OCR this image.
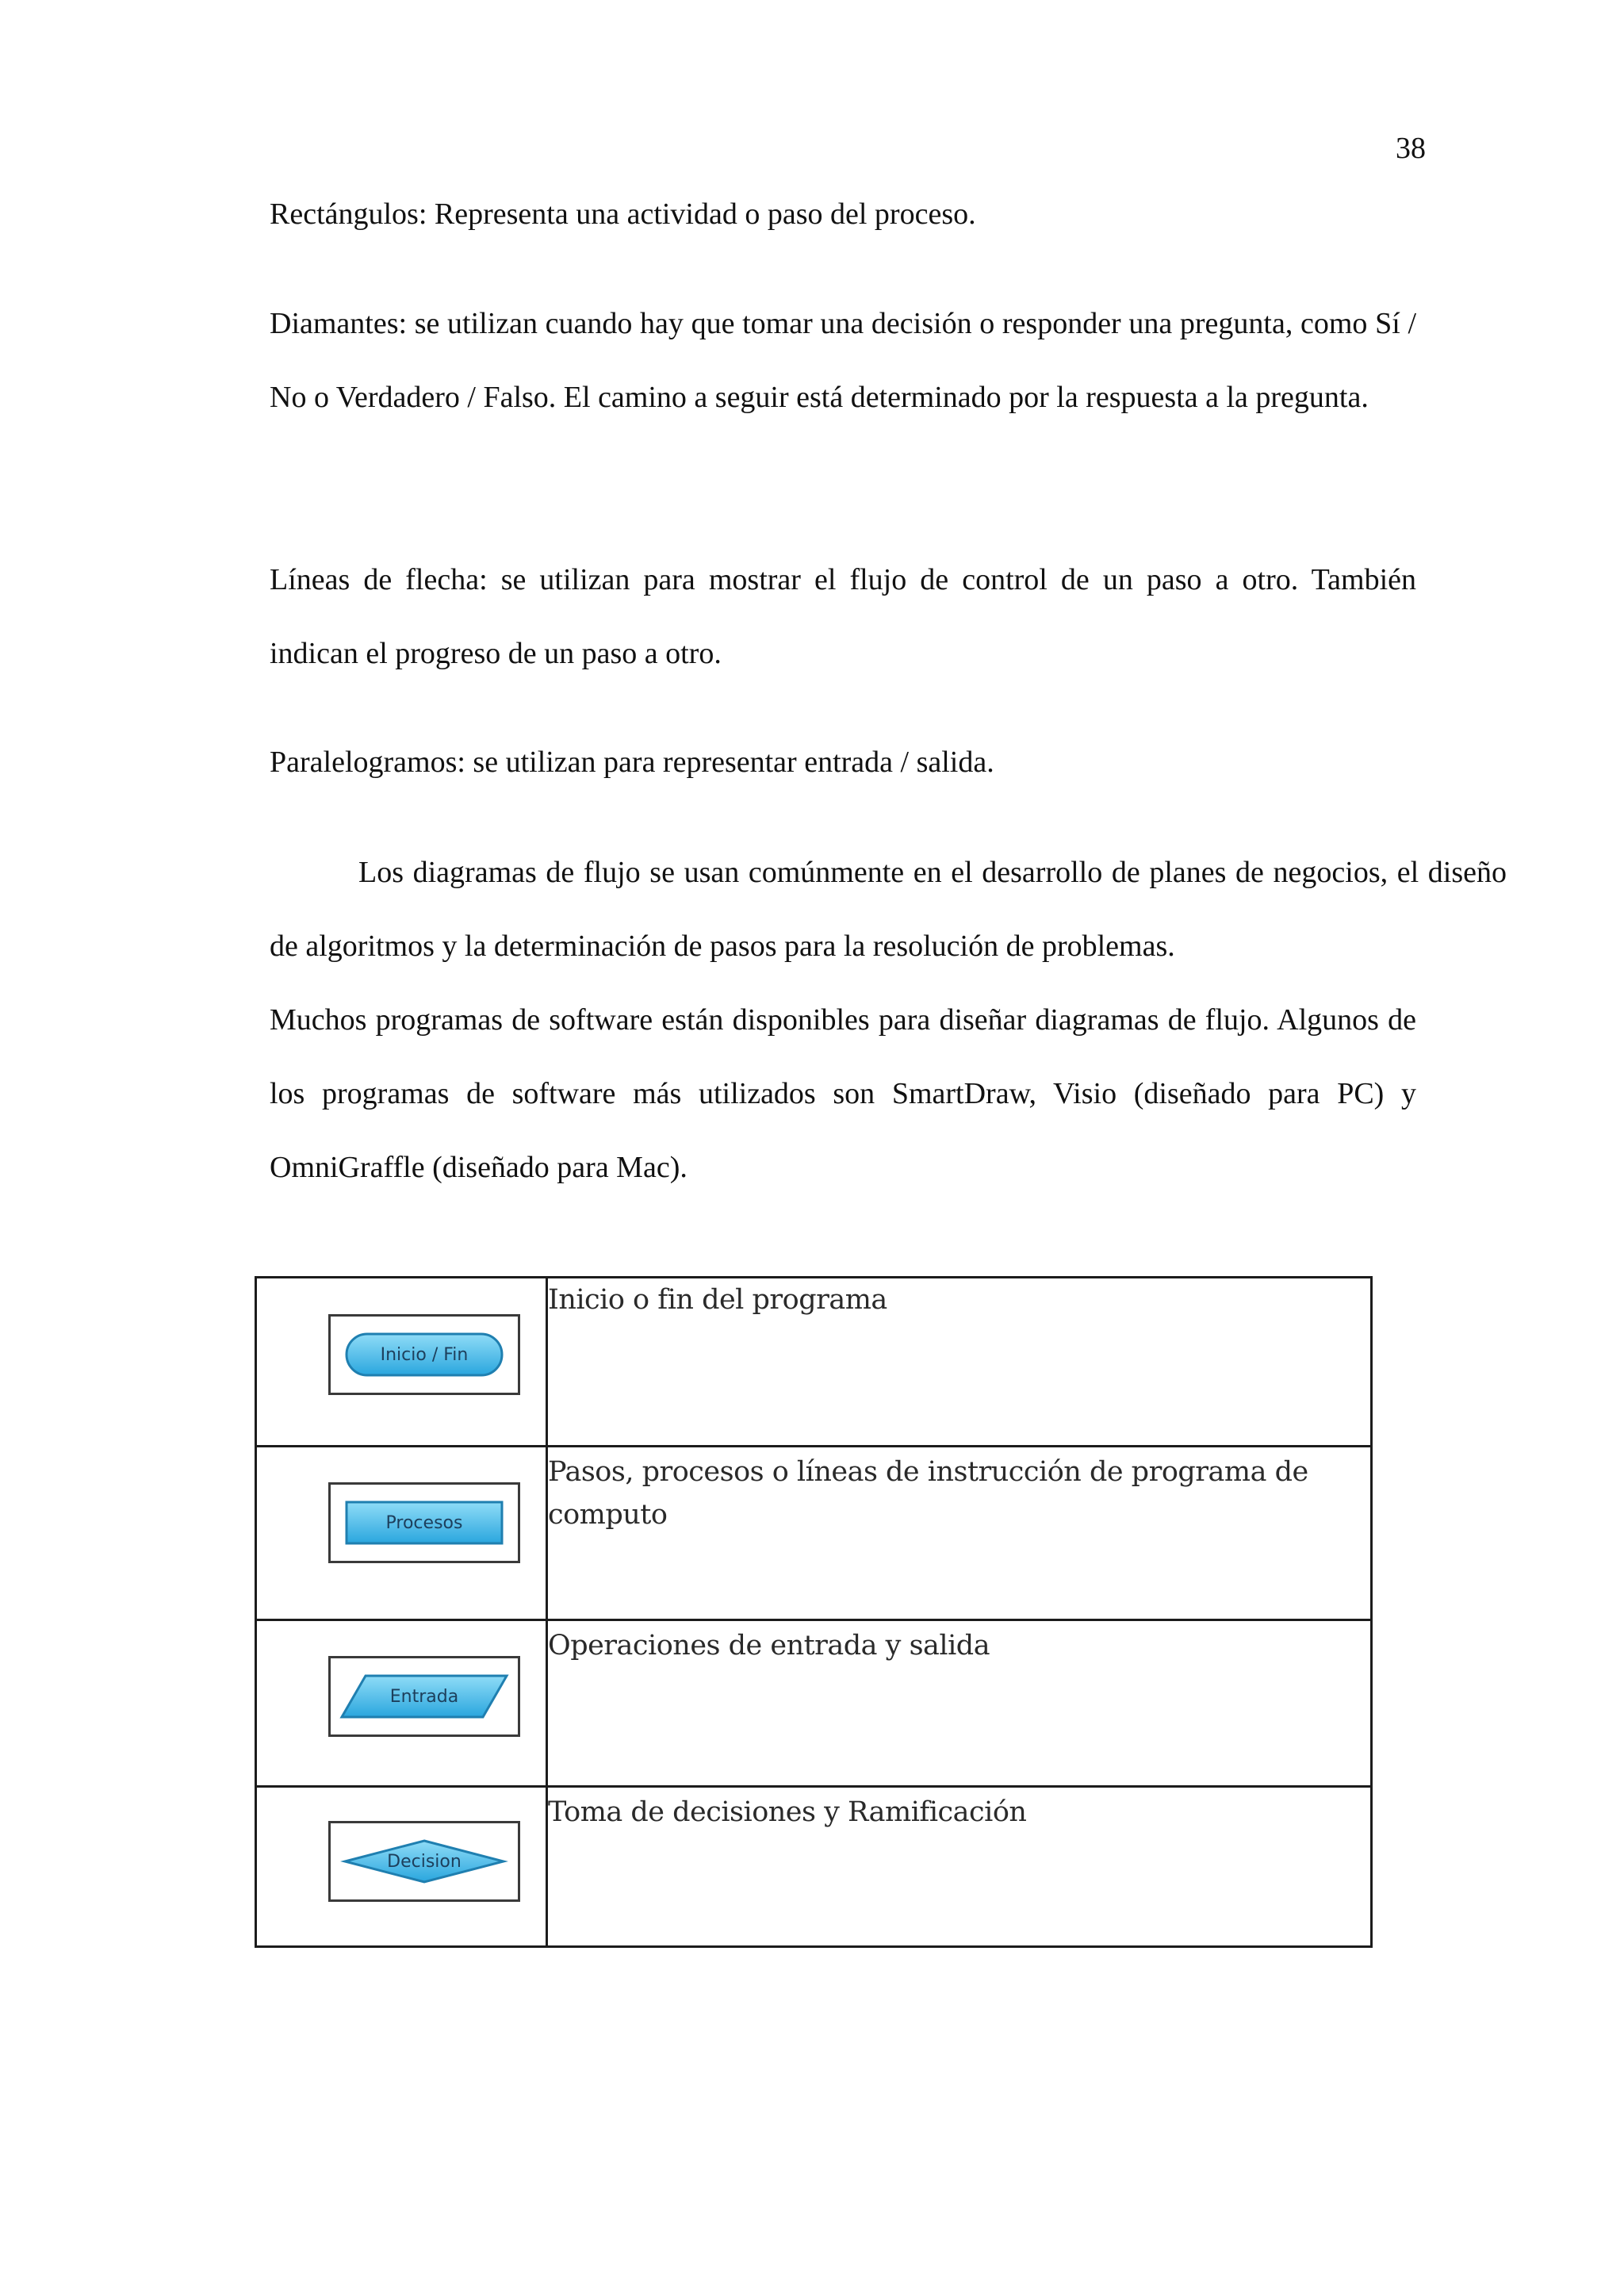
38

Rectángulos: Representa una actividad o paso del proceso.

Diamantes: se utilizan cuando hay que tomar una decisión o responder una pregunta, como Sí / No o Verdadero / Falso. El camino a seguir está determinado por la respuesta a la pregunta.

Líneas de flecha: se utilizan para mostrar el flujo de control de un paso a otro. También indican el progreso de un paso a otro.

Paralelogramos: se utilizan para representar entrada / salida.

Los diagramas de flujo se usan comúnmente en el desarrollo de planes de negocios, el diseño de algoritmos y la determinación de pasos para la resolución de problemas.

Muchos programas de software están disponibles para diseñar diagramas de flujo. Algunos de los programas de software más utilizados son SmartDraw, Visio (diseñado para PC) y OmniGraffle (diseñado para Mac).

Inicio / Fin	Inicio o fin del programa

Procesos	Pasos, procesos o líneas de instrucción de programa de computo

Entrada	Operaciones de entrada y salida

Decision	Toma de decisiones y Ramificación
